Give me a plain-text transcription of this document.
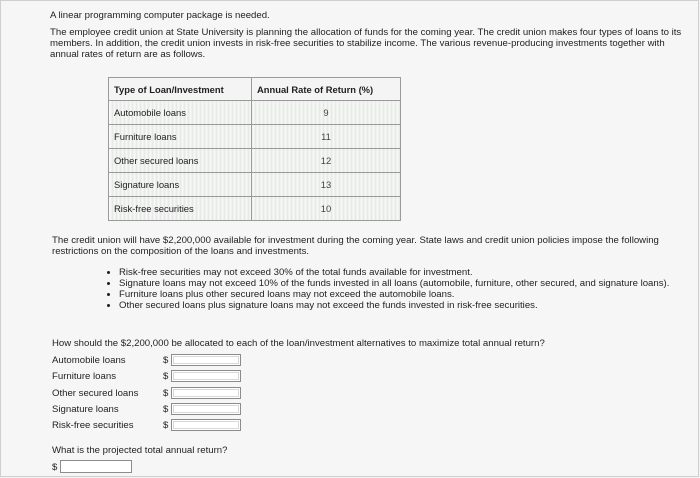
A linear programming computer package is needed.

The employee credit union at State University is planning the allocation of funds for the coming year. The credit union makes four types of loans to its members. In addition, the credit union invests in risk-free securities to stabilize income. The various revenue-producing investments together with annual rates of return are as follows.

Type of Loan/Investment	Annual Rate of Return (%)
Automobile loans	9
Furniture loans	11
Other secured loans	12
Signature loans	13
Risk-free securities	10

The credit union will have $2,200,000 available for investment during the coming year. State laws and credit union policies impose the following restrictions on the composition of the loans and investments.

• Risk-free securities may not exceed 30% of the total funds available for investment.
• Signature loans may not exceed 10% of the funds invested in all loans (automobile, furniture, other secured, and signature loans).
• Furniture loans plus other secured loans may not exceed the automobile loans.
• Other secured loans plus signature loans may not exceed the funds invested in risk-free securities.

How should the $2,200,000 be allocated to each of the loan/investment alternatives to maximize total annual return?

Automobile loans	$
Furniture loans	$
Other secured loans	$
Signature loans	$
Risk-free securities	$

What is the projected total annual return?

$
